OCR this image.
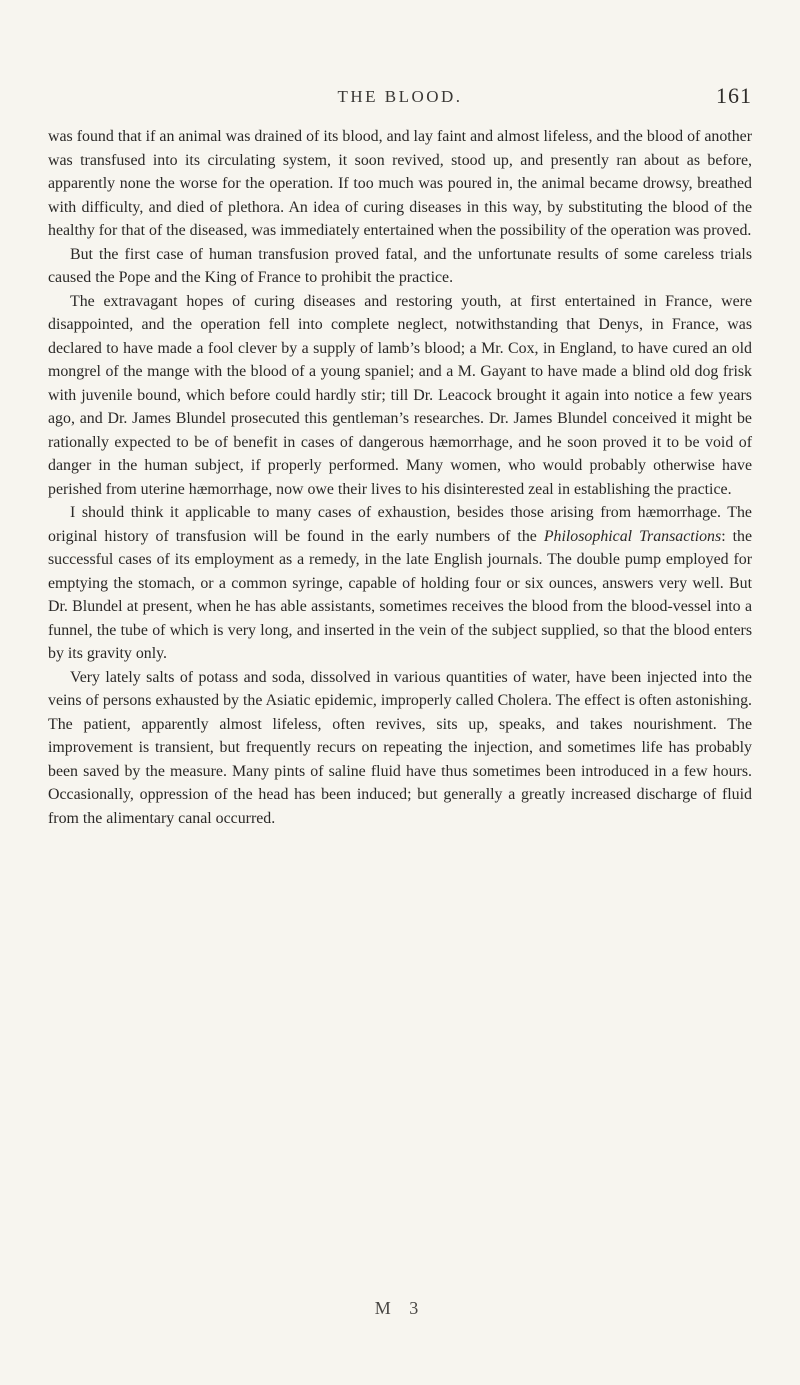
THE BLOOD.	161

was found that if an animal was drained of its blood, and lay faint and almost lifeless, and the blood of another was transfused into its circulating system, it soon revived, stood up, and presently ran about as before, apparently none the worse for the operation. If too much was poured in, the animal became drowsy, breathed with difficulty, and died of plethora. An idea of curing diseases in this way, by substituting the blood of the healthy for that of the diseased, was immediately entertained when the possibility of the operation was proved.

But the first case of human transfusion proved fatal, and the unfortunate results of some careless trials caused the Pope and the King of France to prohibit the practice.

The extravagant hopes of curing diseases and restoring youth, at first entertained in France, were disappointed, and the operation fell into complete neglect, notwithstanding that Denys, in France, was declared to have made a fool clever by a supply of lamb’s blood; a Mr. Cox, in England, to have cured an old mongrel of the mange with the blood of a young spaniel; and a M. Gayant to have made a blind old dog frisk with juvenile bound, which before could hardly stir; till Dr. Leacock brought it again into notice a few years ago, and Dr. James Blundel prosecuted this gentleman’s researches. Dr. James Blundel conceived it might be rationally expected to be of benefit in cases of dangerous hæmorrhage, and he soon proved it to be void of danger in the human subject, if properly performed. Many women, who would probably otherwise have perished from uterine hæmorrhage, now owe their lives to his disinterested zeal in establishing the practice.

I should think it applicable to many cases of exhaustion, besides those arising from hæmorrhage. The original history of transfusion will be found in the early numbers of the Philosophical Transactions: the successful cases of its employment as a remedy, in the late English journals. The double pump employed for emptying the stomach, or a common syringe, capable of holding four or six ounces, answers very well. But Dr. Blundel at present, when he has able assistants, sometimes receives the blood from the blood-vessel into a funnel, the tube of which is very long, and inserted in the vein of the subject supplied, so that the blood enters by its gravity only.

Very lately salts of potass and soda, dissolved in various quantities of water, have been injected into the veins of persons exhausted by the Asiatic epidemic, improperly called Cholera. The effect is often astonishing. The patient, apparently almost lifeless, often revives, sits up, speaks, and takes nourishment. The improvement is transient, but frequently recurs on repeating the injection, and sometimes life has probably been saved by the measure. Many pints of saline fluid have thus sometimes been introduced in a few hours. Occasionally, oppression of the head has been induced; but generally a greatly increased discharge of fluid from the alimentary canal occurred.

M 3
